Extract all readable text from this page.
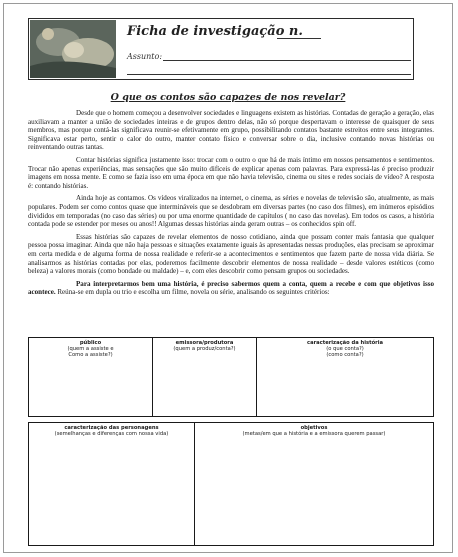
Ficha de investigação n.
Assunto:
O que os contos são capazes de nos revelar?

Desde que o homem começou a desenvolver sociedades e linguagens existem as histórias. Contadas de geração a geração, elas auxiliavam a manter a união de sociedades inteiras e de grupos dentro delas, não só porque despertavam o interesse de quaisquer de seus membros, mas porque contá-las significava reunir-se efetivamente em grupo, possibilitando contatos bastante estreitos entre seus integrantes. Significava estar perto, sentir o calor do outro, manter contato físico e conversar sobre o dia, inclusive contando novas histórias ou reinventando outras tantas.

Contar histórias significa justamente isso: trocar com o outro o que há de mais íntimo em nossos pensamentos e sentimentos. Trocar não apenas experiências, mas sensações que são muito difíceis de explicar apenas com palavras. Para expressá-las é preciso produzir imagens em nossa mente. E como se fazia isso em uma época em que não havia televisão, cinema ou sites e redes sociais de vídeo? A resposta é: contando histórias.

Ainda hoje as contamos. Os vídeos viralizados na internet, o cinema, as séries e novelas de televisão são, atualmente, as mais populares. Podem ser como contos quase que intermináveis que se desdobram em diversas partes (no caso dos filmes), em inúmeros episódios divididos em temporadas (no caso das séries) ou por uma enorme quantidade de capítulos ( no caso das novelas). Em todos os casos, a história contada pode se estender por meses ou anos!! Algumas dessas histórias ainda geram outras – os conhecidos spin off.

Essas histórias são capazes de revelar elementos de nosso cotidiano, ainda que possam conter mais fantasia que qualquer pessoa possa imaginar. Ainda que não haja pessoas e situações exatamente iguais às apresentadas nessas produções, elas precisam se aproximar em certa medida e de alguma forma de nossa realidade e referir-se a acontecimentos e sentimentos que fazem parte de nossa vida diária. Se analisarmos as histórias contadas por elas, poderemos facilmente descobrir elementos de nossa realidade – desde valores estéticos (como beleza) a valores morais (como bondade ou maldade) – e, com eles descobrir como pensam grupos ou sociedades.

Para interpretarmos bem uma história, é preciso sabermos quem a conta, quem a recebe e com que objetivos isso acontece. Reúna-se em dupla ou trio e escolha um filme, novela ou série, analisando os seguintes critérios:

público
(quem a assiste e
Como a assiste?)
emissora/produtora
(quem a produz/conta?)
caracterização da história
(o que conta?)
(como conta?)
caracterização das personagens
(semelhanças e diferenças com nossa vida)
objetivos
(metas/em que a história e a emissora querem passar)
